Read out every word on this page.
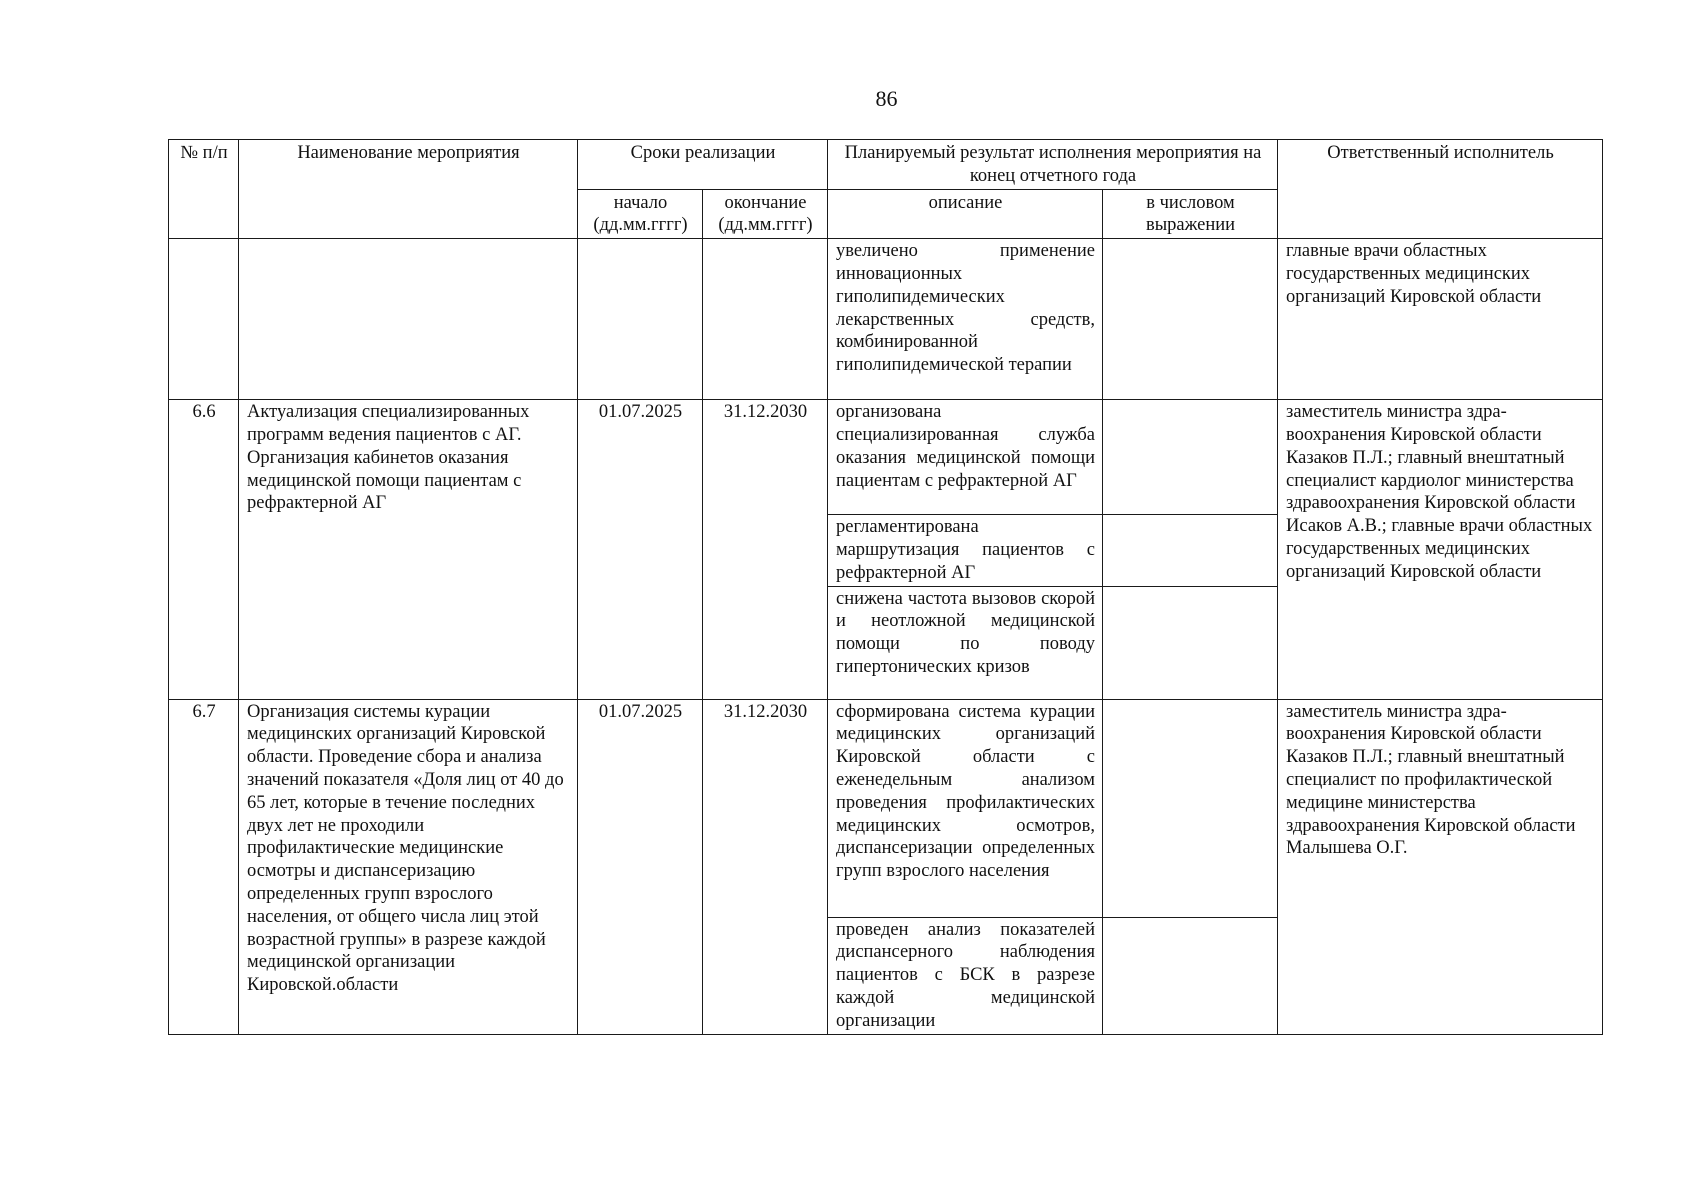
86
№ п/п	Наименование мероприятия	Сроки реализации		Планируемый результат исполнения мероприятия на конец отчетного года		Ответственный исполнитель
		начало (дд.мм.гггг)	окончание (дд.мм.гггг)	описание	в числовом выражении	
				увеличено применение инновационных гиполипидемических лекарственных средств, комбинированной гиполипидемической терапии		главные врачи областных государственных медицинских организаций Кировской области
6.6	Актуализация специализированных программ ведения пациентов с АГ. Организация кабинетов оказания медицинской помощи пациентам с рефрактерной АГ	01.07.2025	31.12.2030	организована специализированная служба оказания медицинской помощи пациентам с рефрактерной АГ		заместитель министра здра-воохранения Кировской области Казаков П.Л.; главный внештатный специалист кардиолог министерства здравоохранения Кировской области Исаков А.В.; главные врачи областных государственных медицинских организаций Кировской области
				регламентирована маршрутизация пациентов с рефрактерной АГ		
				снижена частота вызовов скорой и неотложной медицинской помощи по поводу гипертонических кризов		
6.7	Организация системы курации медицинских организаций Кировской области. Проведение сбора и анализа значений показателя «Доля лиц от 40 до 65 лет, которые в течение последних двух лет не проходили профилактические медицинские осмотры и диспансеризацию определенных групп взрослого населения, от общего числа лиц этой возрастной группы» в разрезе каждой медицинской организации Кировской.области	01.07.2025	31.12.2030	сформирована система курации медицинских организаций Кировской области с еженедельным анализом проведения профилактических медицинских осмотров, диспансеризации определенных групп взрослого населения		заместитель министра здра-воохранения Кировской области Казаков П.Л.; главный внештатный специалист по профилактической медицине министерства здравоохранения Кировской области Малышева О.Г.
				проведен анализ показателей диспансерного наблюдения пациентов с БСК в разрезе каждой медицинской организации		
